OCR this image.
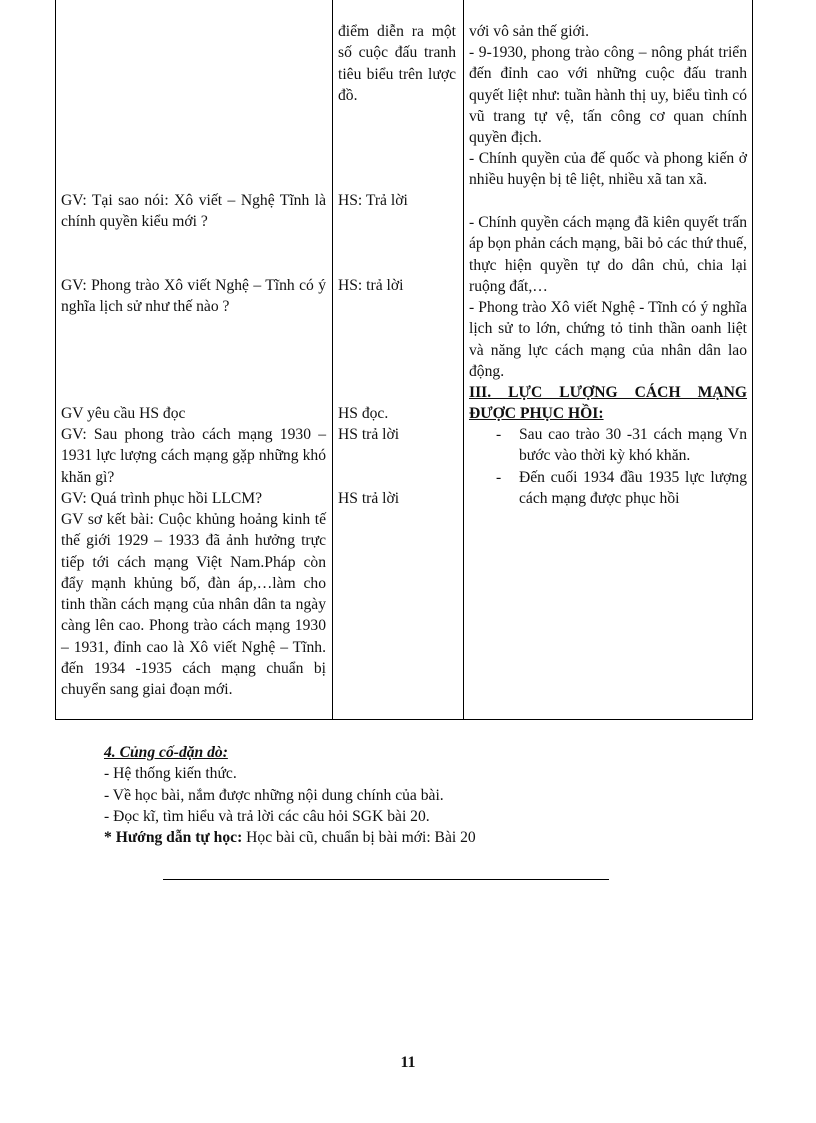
GV: Tại sao nói: Xô viết – Nghệ Tĩnh là chính quyền kiểu mới ?
GV: Phong trào Xô viết Nghệ – Tĩnh có ý nghĩa lịch sử như thế nào ?
GV yêu cầu HS đọc
GV: Sau phong trào cách mạng 1930 – 1931 lực lượng cách mạng gặp những khó khăn gì?
GV: Quá trình phục hồi LLCM?
GV sơ kết bài: Cuộc khủng hoảng kinh tế thế giới 1929 – 1933 đã ảnh hưởng trực tiếp tới cách mạng Việt Nam.Pháp còn đẩy mạnh khủng bố, đàn áp,…làm cho tinh thần cách mạng của nhân dân ta ngày càng lên cao. Phong trào cách mạng 1930 – 1931, đỉnh cao là Xô viết Nghệ – Tĩnh. đến 1934 -1935 cách mạng chuẩn bị chuyển sang giai đoạn mới.
điểm diễn ra một số cuộc đấu tranh tiêu biểu trên lược đồ.
HS: Trả lời
HS: trả lời
HS đọc.
HS trả lời
HS trả lời
với vô sản thế giới.
- 9-1930, phong trào công – nông phát triển đến đỉnh cao với những cuộc đấu tranh quyết liệt như: tuần hành thị uy, biểu tình có vũ trang tự vệ, tấn công cơ quan chính quyền địch.
- Chính quyền của đế quốc và phong kiến ở nhiều huyện bị tê liệt, nhiều xã tan xã.
- Chính quyền cách mạng đã kiên quyết trấn áp bọn phản cách mạng, bãi bỏ các thứ thuế, thực hiện quyền tự do dân chủ, chia lại ruộng đất,…
- Phong trào Xô viết Nghệ - Tĩnh có ý nghĩa lịch sử to lớn, chứng tỏ tinh thần oanh liệt và năng lực cách mạng của nhân dân lao động.
III. LỰC LƯỢNG CÁCH MẠNG
ĐƯỢC PHỤC HỒI:
- Sau cao trào 30 -31 cách mạng Vn bước vào thời kỳ khó khăn.
- Đến cuối 1934 đầu 1935 lực lượng cách mạng được phục hồi
4. Củng cố-dặn dò:
- Hệ thống kiến thức.
- Về học bài, nắm được những nội dung chính của bài.
- Đọc kĩ, tìm hiểu và trả lời các câu hỏi SGK bài 20.
* Hướng dẫn tự học: Học bài cũ, chuẩn bị bài mới: Bài 20
11
